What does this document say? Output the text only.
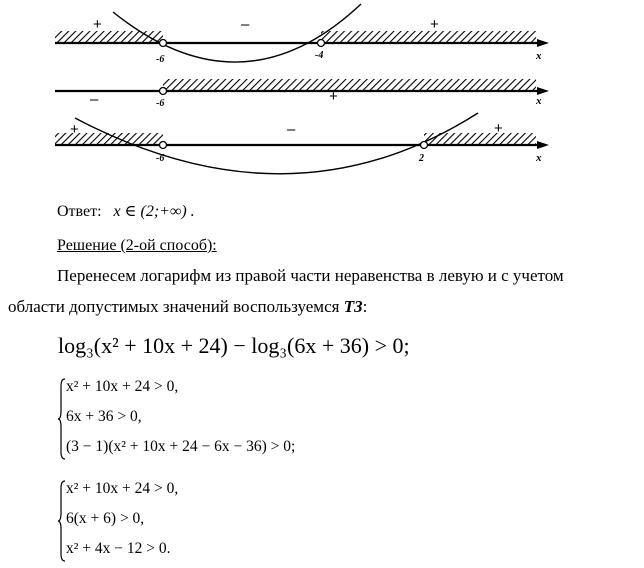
-6	-4
+	–	+
x
-6
–	+	x
-6	2
+	–	+
x
Ответ: x ∈ (2;+∞) .
Решение (2-ой способ):
Перенесем логарифм из правой части неравенства в левую и с учетом
области допустимых значений воспользуемся Т3:
log₃(x² + 10x + 24) − log₃(6x + 36) > 0;
x² + 10x + 24 > 0,
6x + 36 > 0,
(3 − 1)(x² + 10x + 24 − 6x − 36) > 0;
x² + 10x + 24 > 0,
6(x + 6) > 0,
x² + 4x − 12 > 0.
